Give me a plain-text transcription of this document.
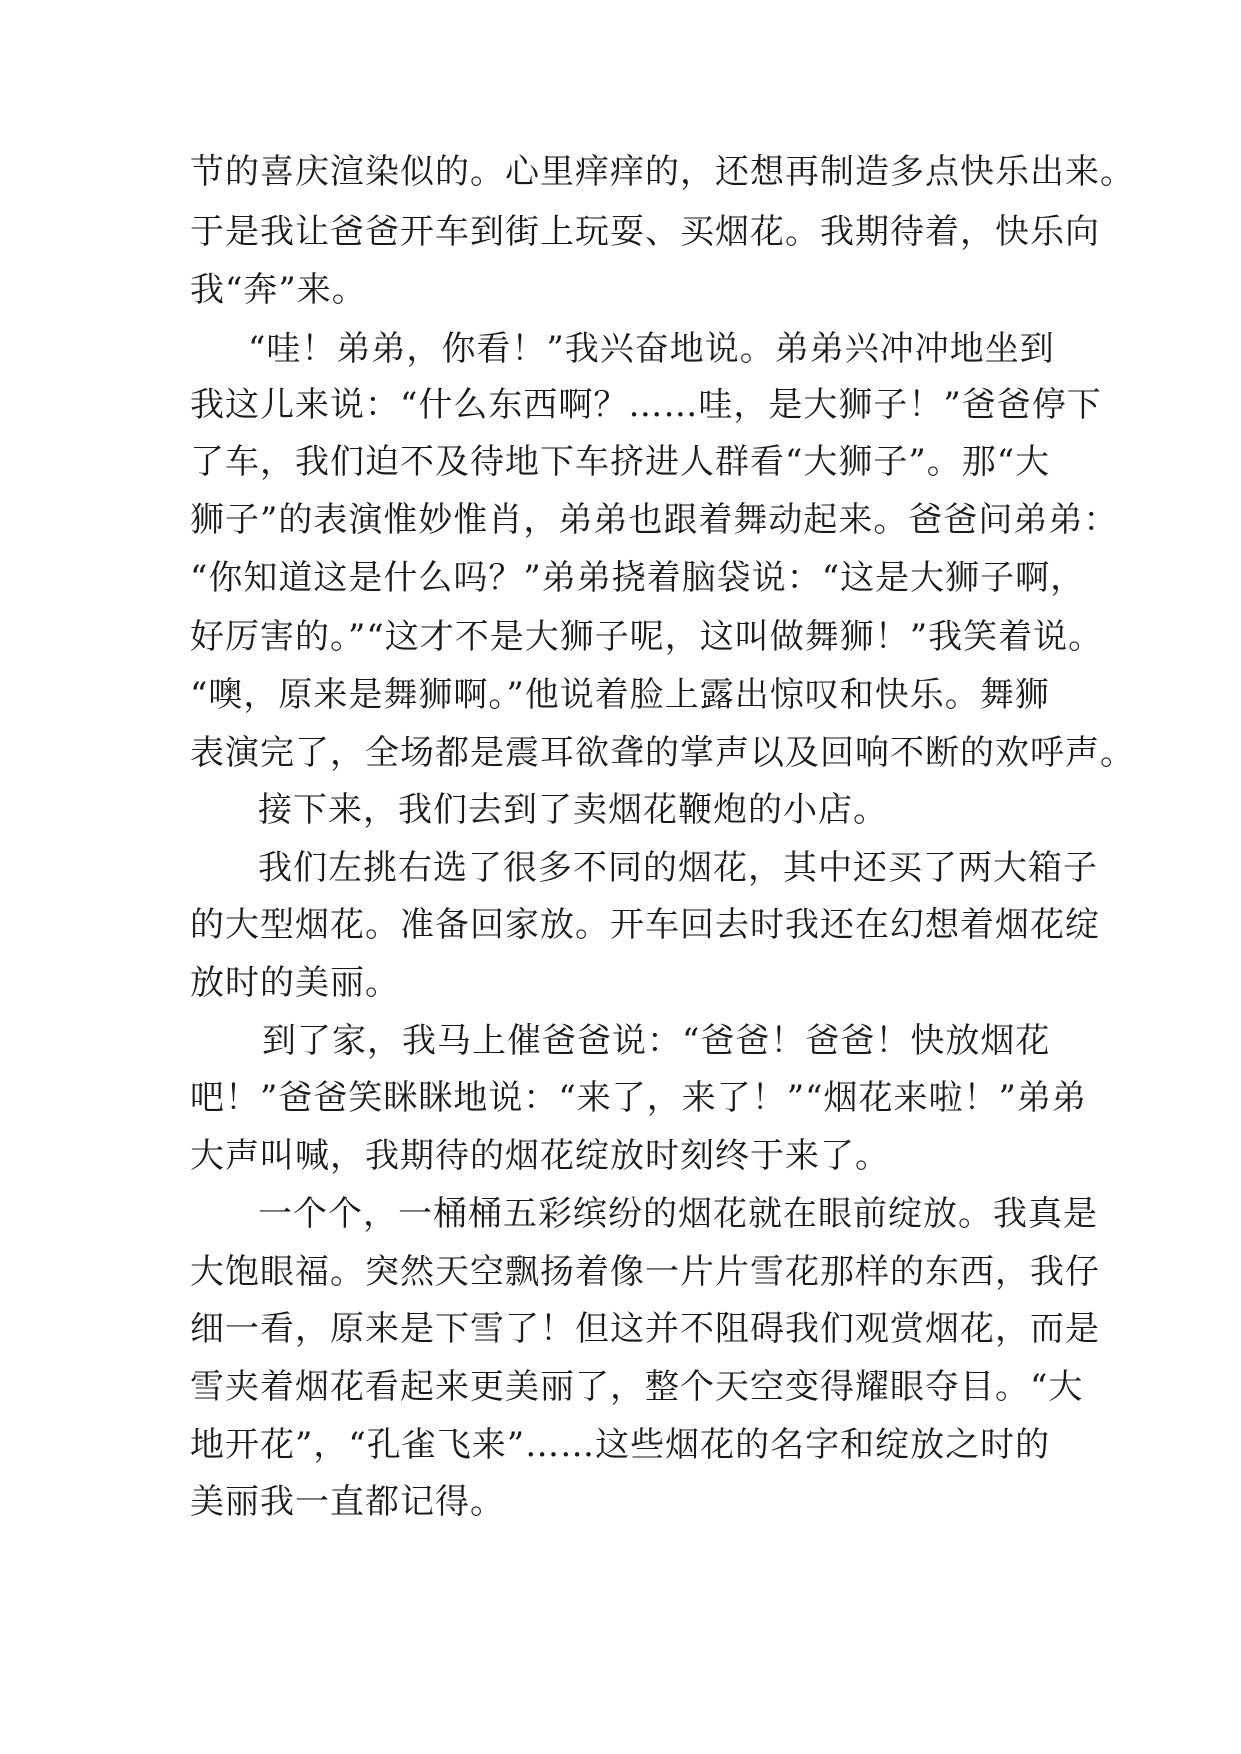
节的喜庆渲染似的。心里痒痒的，还想再制造多点快乐出来。
于是我让爸爸开车到街上玩耍、买烟花。我期待着，快乐向
我“奔”来。
“哇！弟弟，你看！”我兴奋地说。弟弟兴冲冲地坐到
我这儿来说：“什么东西啊？……哇，是大狮子！”爸爸停下
了车，我们迫不及待地下车挤进人群看“大狮子”。那“大
狮子”的表演惟妙惟肖，弟弟也跟着舞动起来。爸爸问弟弟：
“你知道这是什么吗？”弟弟挠着脑袋说：“这是大狮子啊，
好厉害的。”“这才不是大狮子呢，这叫做舞狮！”我笑着说。
“噢，原来是舞狮啊。”他说着脸上露出惊叹和快乐。舞狮
表演完了，全场都是震耳欲聋的掌声以及回响不断的欢呼声。
接下来，我们去到了卖烟花鞭炮的小店。
我们左挑右选了很多不同的烟花，其中还买了两大箱子
的大型烟花。准备回家放。开车回去时我还在幻想着烟花绽
放时的美丽。
到了家，我马上催爸爸说：“爸爸！爸爸！快放烟花
吧！”爸爸笑眯眯地说：“来了，来了！”“烟花来啦！”弟弟
大声叫喊，我期待的烟花绽放时刻终于来了。
一个个，一桶桶五彩缤纷的烟花就在眼前绽放。我真是
大饱眼福。突然天空飘扬着像一片片雪花那样的东西，我仔
细一看，原来是下雪了！但这并不阻碍我们观赏烟花，而是
雪夹着烟花看起来更美丽了，整个天空变得耀眼夺目。“大
地开花”，“孔雀飞来”……这些烟花的名字和绽放之时的
美丽我一直都记得。
